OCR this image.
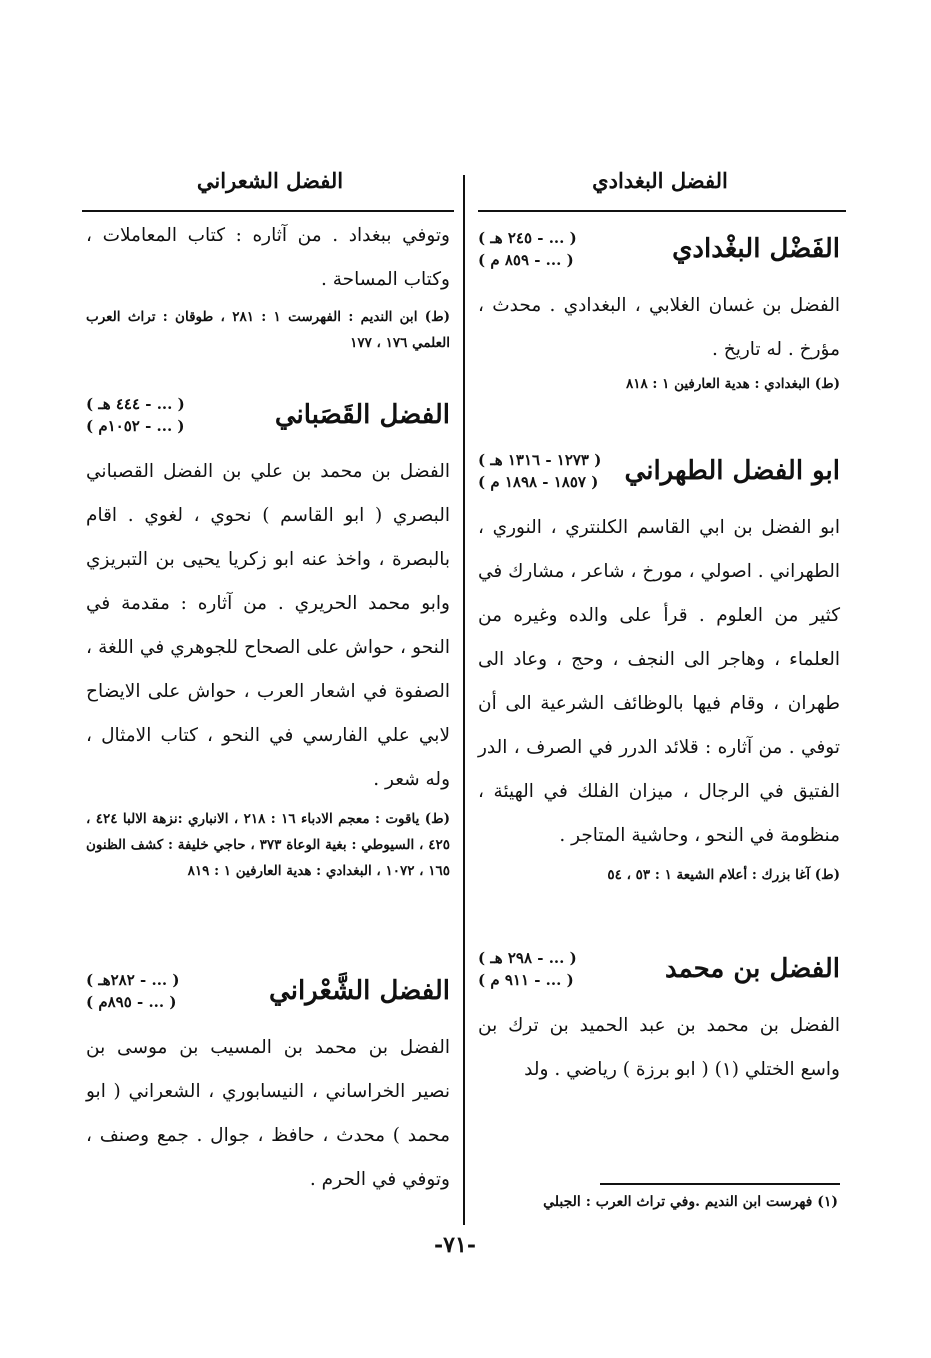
الفضل البغدادي
الفضل الشعراني
الفَضْل البغْدادي
( ... - ٢٤٥ هـ )
( ... - ٨٥٩ م )

الفضل بن غسان الغلابي ، البغدادي . محدث ، مؤرخ . له تاريخ .

(ط) البغدادي : هدية العارفين ١ : ٨١٨

ابو الفضل الطهراني
( ١٢٧٣ - ١٣١٦ هـ )
( ١٨٥٧ - ١٨٩٨ م )

ابو الفضل بن ابي القاسم الكلنتري ، النوري ، الطهراني . اصولي ، مورخ ، شاعر ، مشارك في كثير من العلوم . قرأ على والده وغيره من العلماء ، وهاجر الى النجف ، وحج ، وعاد الى طهران ، وقام فيها بالوظائف الشرعية الى أن توفي . من آثاره : قلائد الدرر في الصرف ، الدر الفتيق في الرجال ، ميزان الفلك في الهيئة ، منظومة في النحو ، وحاشية المتاجر .

(ط) آغا بزرك : أعلام الشيعة ١ : ٥٣ ، ٥٤

الفضل بن محمد
( ... - ٢٩٨ هـ )
( ... - ٩١١ م )

الفضل بن محمد بن عبد الحميد بن ترك بن واسع الختلي (١) ( ابو برزة ) رياضي . ولد

وتوفي ببغداد . من آثاره : كتاب المعاملات ، وكتاب المساحة .

(ط) ابن النديم : الفهرست ١ : ٢٨١ ، طوقان : تراث العرب العلمي ١٧٦ ، ١٧٧

الفضل القَصَباني
( ... - ٤٤٤ هـ )
( ... - ١٠٥٢م )

الفضل بن محمد بن علي بن الفضل القصباني البصري ( ابو القاسم ) نحوي ، لغوي . اقام بالبصرة ، واخذ عنه ابو زكريا يحيى بن التبريزي وابو محمد الحريري . من آثاره : مقدمة في النحو ، حواش على الصحاح للجوهري في اللغة ، الصفوة في اشعار العرب ، حواش على الايضاح لابي علي الفارسي في النحو ، كتاب الامثال ، وله شعر .

(ط) ياقوت : معجم الادباء ١٦ : ٢١٨ ، الانباري :نزهة الالبا ٤٢٤ ، ٤٢٥ ، السيوطي : بغية الوعاة ٣٧٣ ، حاجي خليفة : كشف الظنون ١٦٥ ، ١٠٧٢ ، البغدادي : هدية العارفين ١ : ٨١٩

الفضل الشَّعْراني
( ... - ٢٨٢هـ )
( ... - ٨٩٥م )

الفضل بن محمد بن المسيب بن موسى بن نصير الخراساني ، النيسابوري ، الشعراني ( ابو محمد ) محدث ، حافظ ، جوال . جمع وصنف ، وتوفي في الحرم .

(١) فهرست ابن النديم .وفي تراث العرب : الجبلي
-٧١-
